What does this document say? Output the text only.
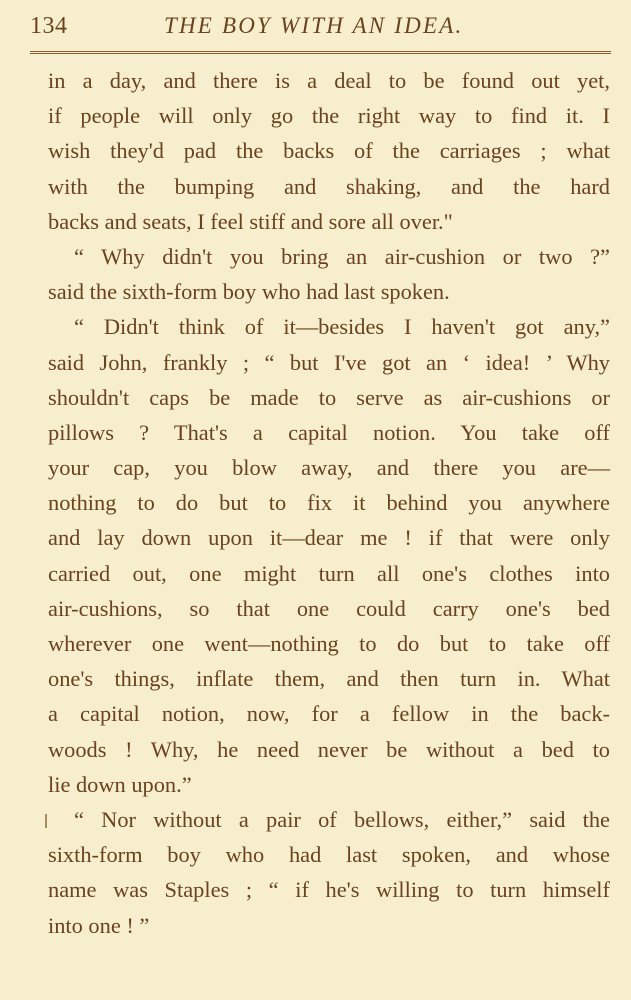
134	THE BOY WITH AN IDEA.
in a day, and there is a deal to be found out yet,
if people will only go the right way to find it. I
wish they'd pad the backs of the carriages ; what
with the bumping and shaking, and the hard
backs and seats, I feel stiff and sore all over."
“ Why didn't you bring an air-cushion or two ?”
said the sixth-form boy who had last spoken.
“ Didn't think of it—besides I haven't got any,”
said John, frankly ; “ but I've got an ‘ idea! ’ Why
shouldn't caps be made to serve as air-cushions or
pillows ? That's a capital notion. You take off
your cap, you blow away, and there you are—
nothing to do but to fix it behind you anywhere
and lay down upon it—dear me ! if that were only
carried out, one might turn all one's clothes into
air-cushions, so that one could carry one's bed
wherever one went—nothing to do but to take off
one's things, inflate them, and then turn in. What
a capital notion, now, for a fellow in the back-
woods ! Why, he need never be without a bed to
lie down upon.”
“ Nor without a pair of bellows, either,” said the
sixth-form boy who had last spoken, and whose
name was Staples ; “ if he's willing to turn himself
into one ! ”
